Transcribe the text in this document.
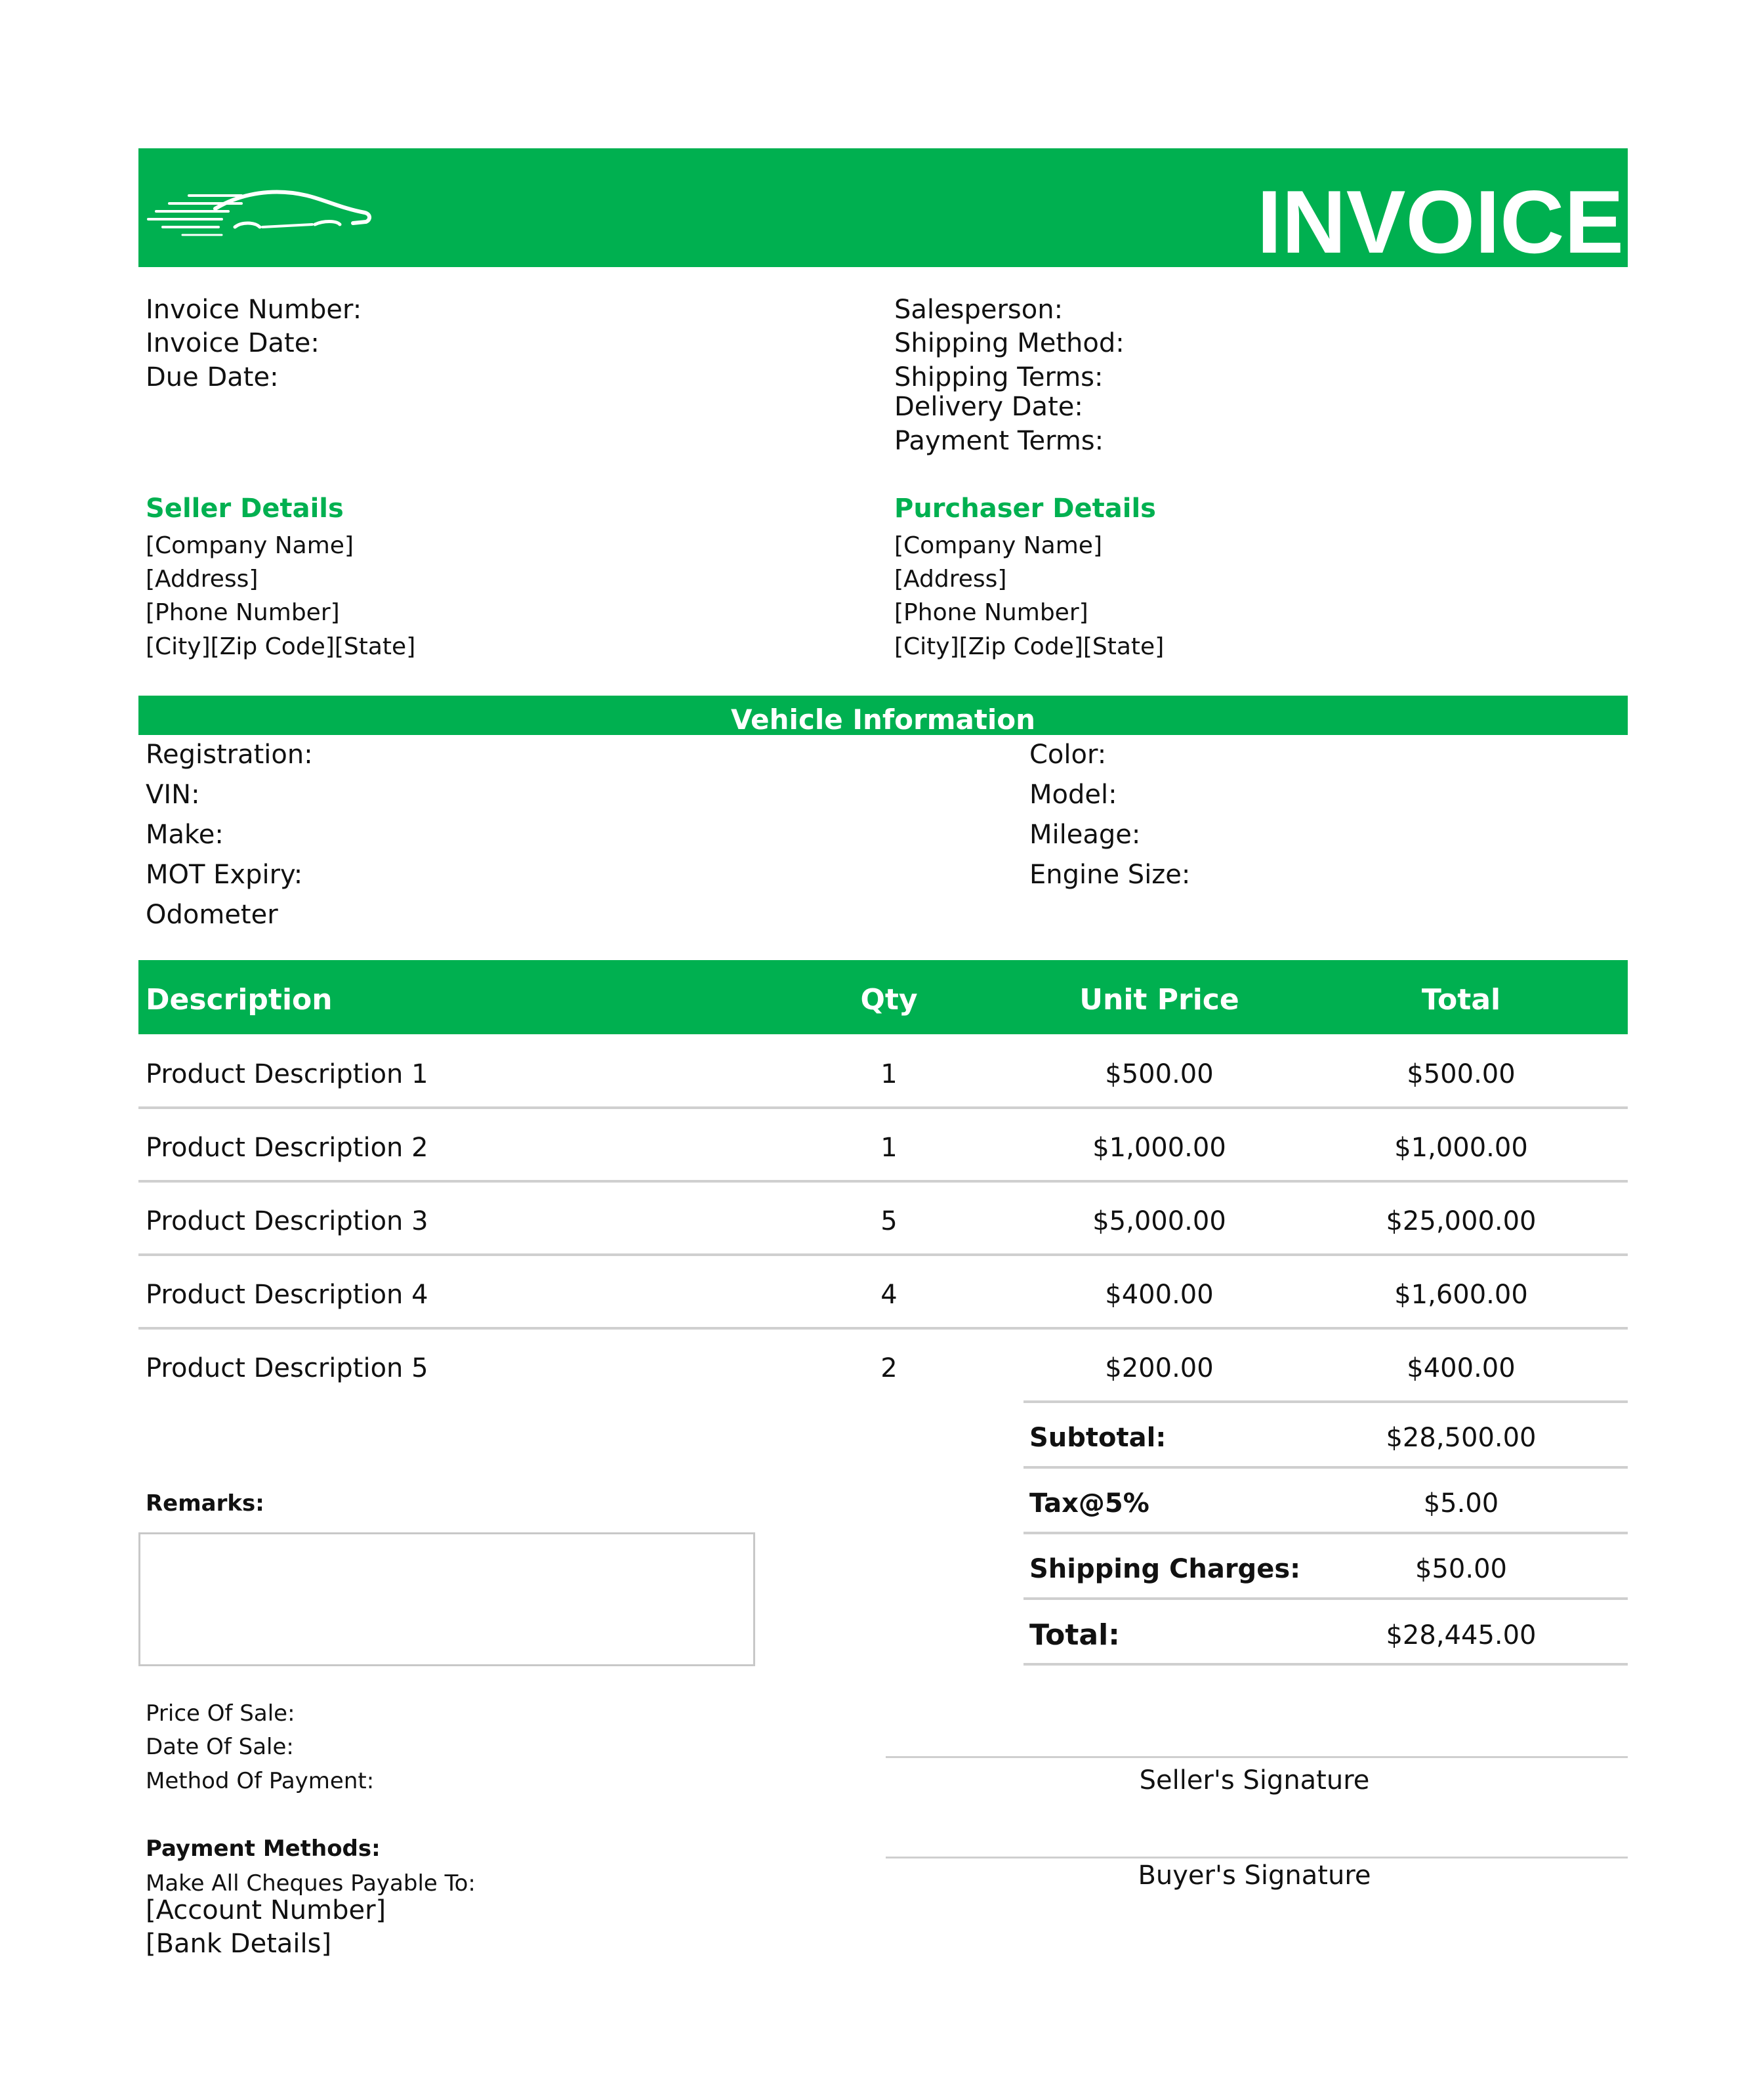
INVOICE
Invoice Number:
Invoice Date:
Due Date:
Salesperson:
Shipping Method:
Shipping Terms:
Delivery Date:
Payment Terms:
Seller Details
[Company Name]
[Address]
[Phone Number]
[City][Zip Code][State]
Purchaser Details
[Company Name]
[Address]
[Phone Number]
[City][Zip Code][State]
Vehicle Information
Registration:
VIN:
Make:
MOT Expiry:
Odometer
Color:
Model:
Mileage:
Engine Size:
Description	Qty	Unit Price	Total
Product Description 1	1	$500.00	$500.00
Product Description 2	1	$1,000.00	$1,000.00
Product Description 3	5	$5,000.00	$25,000.00
Product Description 4	4	$400.00	$1,600.00
Product Description 5	2	$200.00	$400.00
Subtotal:	$28,500.00
Tax@5%	$5.00
Shipping Charges:	$50.00
Total:	$28,445.00
Remarks:
Price Of Sale:
Date Of Sale:
Method Of Payment:
Payment Methods:
Make All Cheques Payable To:
[Account Number]
[Bank Details]
Seller's Signature
Buyer's Signature
